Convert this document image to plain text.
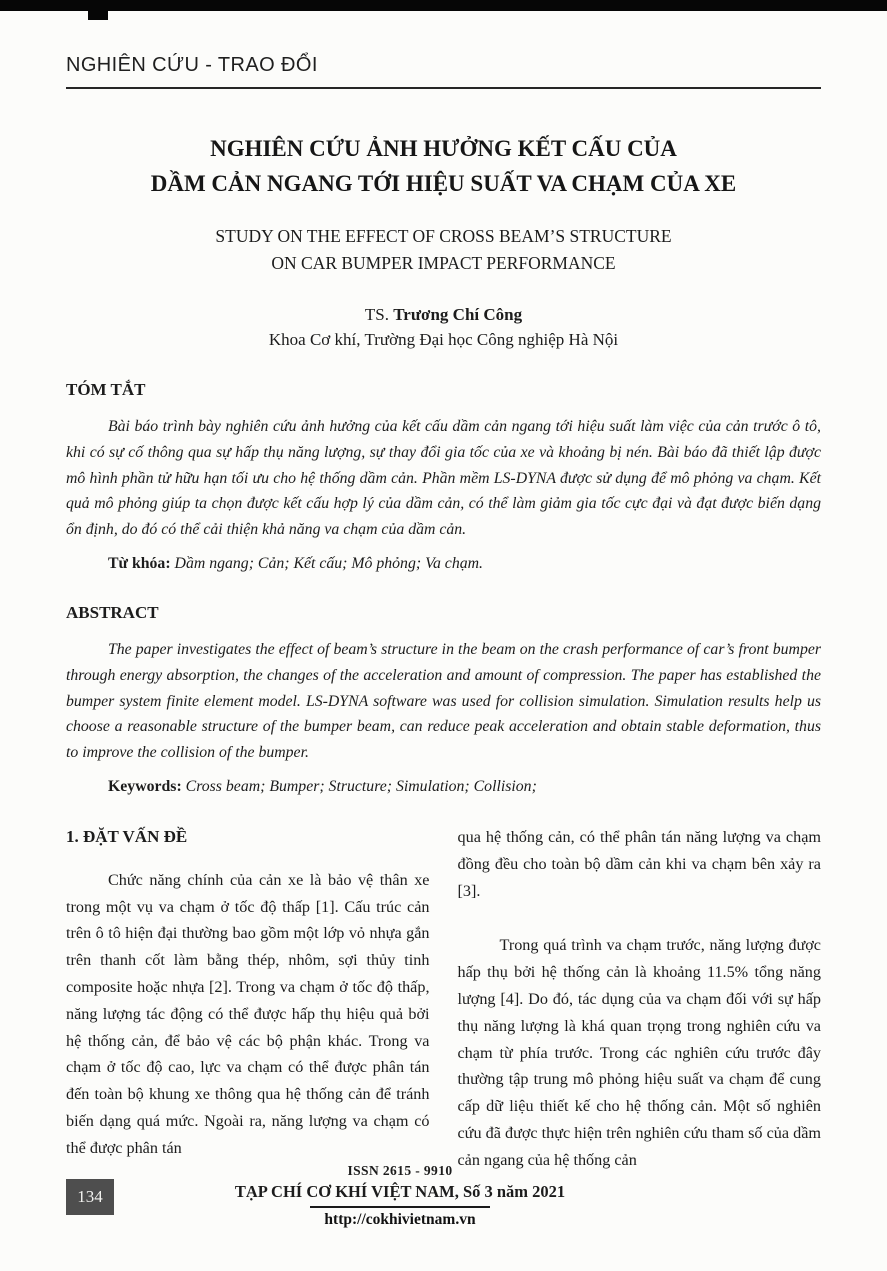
NGHIÊN CỨU - TRAO ĐỔI
NGHIÊN CỨU ẢNH HƯỞNG KẾT CẤU CỦA
DẦM CẢN NGANG TỚI HIỆU SUẤT VA CHẠM CỦA XE
STUDY ON THE EFFECT OF CROSS BEAM’S STRUCTURE
ON CAR BUMPER IMPACT PERFORMANCE
TS. Trương Chí Công
Khoa Cơ khí, Trường Đại học Công nghiệp Hà Nội
TÓM TẮT

Bài báo trình bày nghiên cứu ảnh hưởng của kết cấu dầm cản ngang tới hiệu suất làm việc của cản trước ô tô, khi có sự cố thông qua sự hấp thụ năng lượng, sự thay đổi gia tốc của xe và khoảng bị nén. Bài báo đã thiết lập được mô hình phần tử hữu hạn tối ưu cho hệ thống dầm cản. Phần mềm LS-DYNA được sử dụng để mô phỏng va chạm. Kết quả mô phỏng giúp ta chọn được kết cấu hợp lý của dầm cản, có thể làm giảm gia tốc cực đại và đạt được biến dạng ổn định, do đó có thể cải thiện khả năng va chạm của dầm cản.

Từ khóa: Dầm ngang; Cản; Kết cấu; Mô phỏng; Va chạm.

ABSTRACT

The paper investigates the effect of beam’s structure in the beam on the crash performance of car’s front bumper through energy absorption, the changes of the acceleration and amount of compression. The paper has established the bumper system finite element model. LS-DYNA software was used for collision simulation. Simulation results help us choose a reasonable structure of the bumper beam, can reduce peak acceleration and obtain stable deformation, thus to improve the collision of the bumper.

Keywords: Cross beam; Bumper; Structure; Simulation; Collision;

1. ĐẶT VẤN ĐỀ

Chức năng chính của cản xe là bảo vệ thân xe trong một vụ va chạm ở tốc độ thấp [1]. Cấu trúc cản trên ô tô hiện đại thường bao gồm một lớp vỏ nhựa gắn trên thanh cốt làm bằng thép, nhôm, sợi thủy tinh composite hoặc nhựa [2]. Trong va chạm ở tốc độ thấp, năng lượng tác động có thể được hấp thụ hiệu quả bởi hệ thống cản, để bảo vệ các bộ phận khác. Trong va chạm ở tốc độ cao, lực va chạm có thể được phân tán đến toàn bộ khung xe thông qua hệ thống cản để tránh biến dạng quá mức. Ngoài ra, năng lượng va chạm có thể được phân tán

qua hệ thống cản, có thể phân tán năng lượng va chạm đồng đều cho toàn bộ dầm cản khi va chạm bên xảy ra [3].

Trong quá trình va chạm trước, năng lượng được hấp thụ bởi hệ thống cản là khoảng 11.5% tổng năng lượng [4]. Do đó, tác dụng của va chạm đối với sự hấp thụ năng lượng là khá quan trọng trong nghiên cứu va chạm từ phía trước. Trong các nghiên cứu trước đây thường tập trung mô phỏng hiệu suất va chạm để cung cấp dữ liệu thiết kế cho hệ thống cản. Một số nghiên cứu đã được thực hiện trên nghiên cứu tham số của dầm cản ngang của hệ thống cản

134
ISSN 2615 - 9910
TẠP CHÍ CƠ KHÍ VIỆT NAM, Số 3 năm 2021
http://cokhivietnam.vn
